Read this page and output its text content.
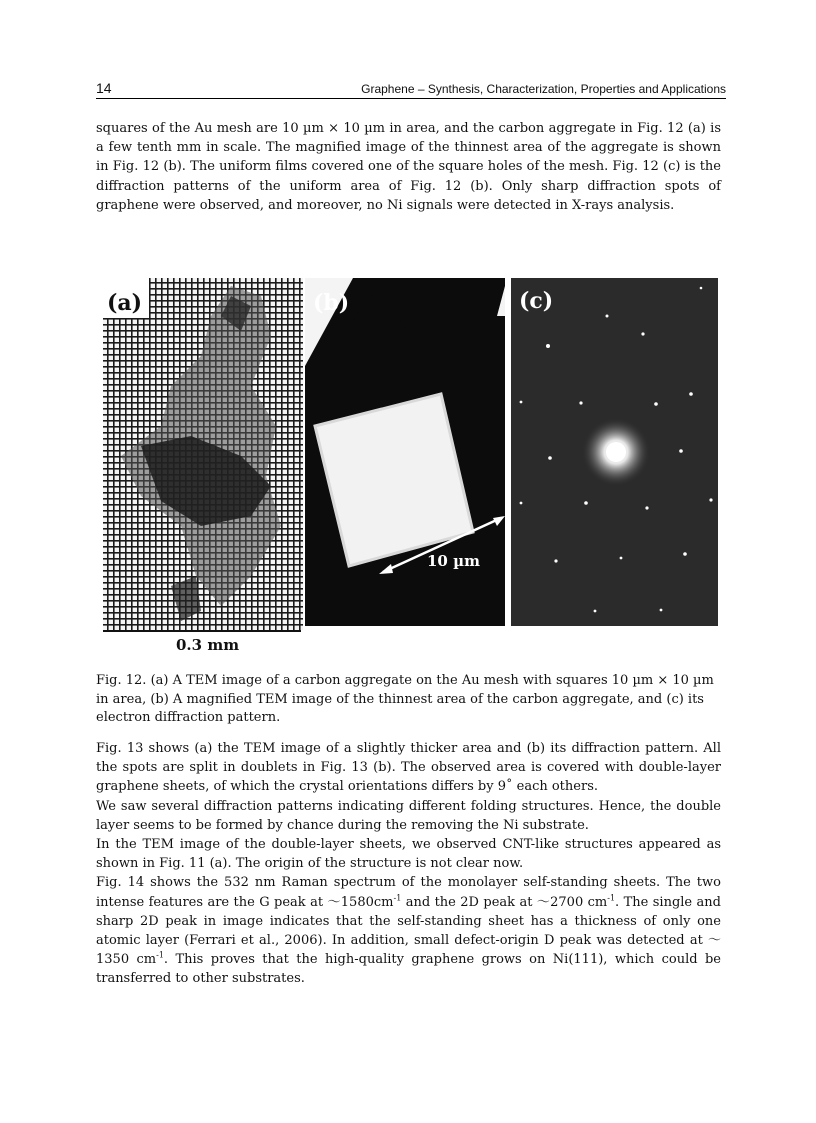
14	Graphene – Synthesis, Characterization, Properties and Applications

squares of the Au mesh are 10 µm × 10 µm in area, and the carbon aggregate in Fig. 12 (a) is a few tenth mm in scale. The magnified image of the thinnest area of the aggregate is shown in Fig. 12 (b). The uniform films covered one of the square holes of the mesh. Fig. 12 (c) is the diffraction patterns of the uniform area of Fig. 12 (b). Only sharp diffraction spots of graphene were observed, and moreover, no Ni signals were detected in X-rays analysis.

(a)
0.3 mm
(b)
10 µm
(c)

Fig. 12. (a) A TEM image of a carbon aggregate on the Au mesh with squares 10 µm × 10 µm in area, (b) A magnified TEM image of the thinnest area of the carbon aggregate, and (c) its electron diffraction pattern.

Fig. 13 shows (a) the TEM image of a slightly thicker area and (b) its diffraction pattern. All the spots are split in doublets in Fig. 13 (b). The observed area is covered with double-layer graphene sheets, of which the crystal orientations differs by 9˚ each others.
We saw several diffraction patterns indicating different folding structures. Hence, the double layer seems to be formed by chance during the removing the Ni substrate.
In the TEM image of the double-layer sheets, we observed CNT-like structures appeared as shown in Fig. 11 (a). The origin of the structure is not clear now.
Fig. 14 shows the 532 nm Raman spectrum of the monolayer self-standing sheets. The two intense features are the G peak at $\sim 1580cm^{-1}$ and the 2D peak at ～2700 $cm^{-1}$. The single and sharp 2D peak in image indicates that the self-standing sheet has a thickness of only one atomic layer (Ferrari et al., 2006). In addition, small defect-origin D peak was detected at ～1350 $cm^{-1}$. This proves that the high-quality graphene grows on Ni(111), which could be transferred to other substrates.
